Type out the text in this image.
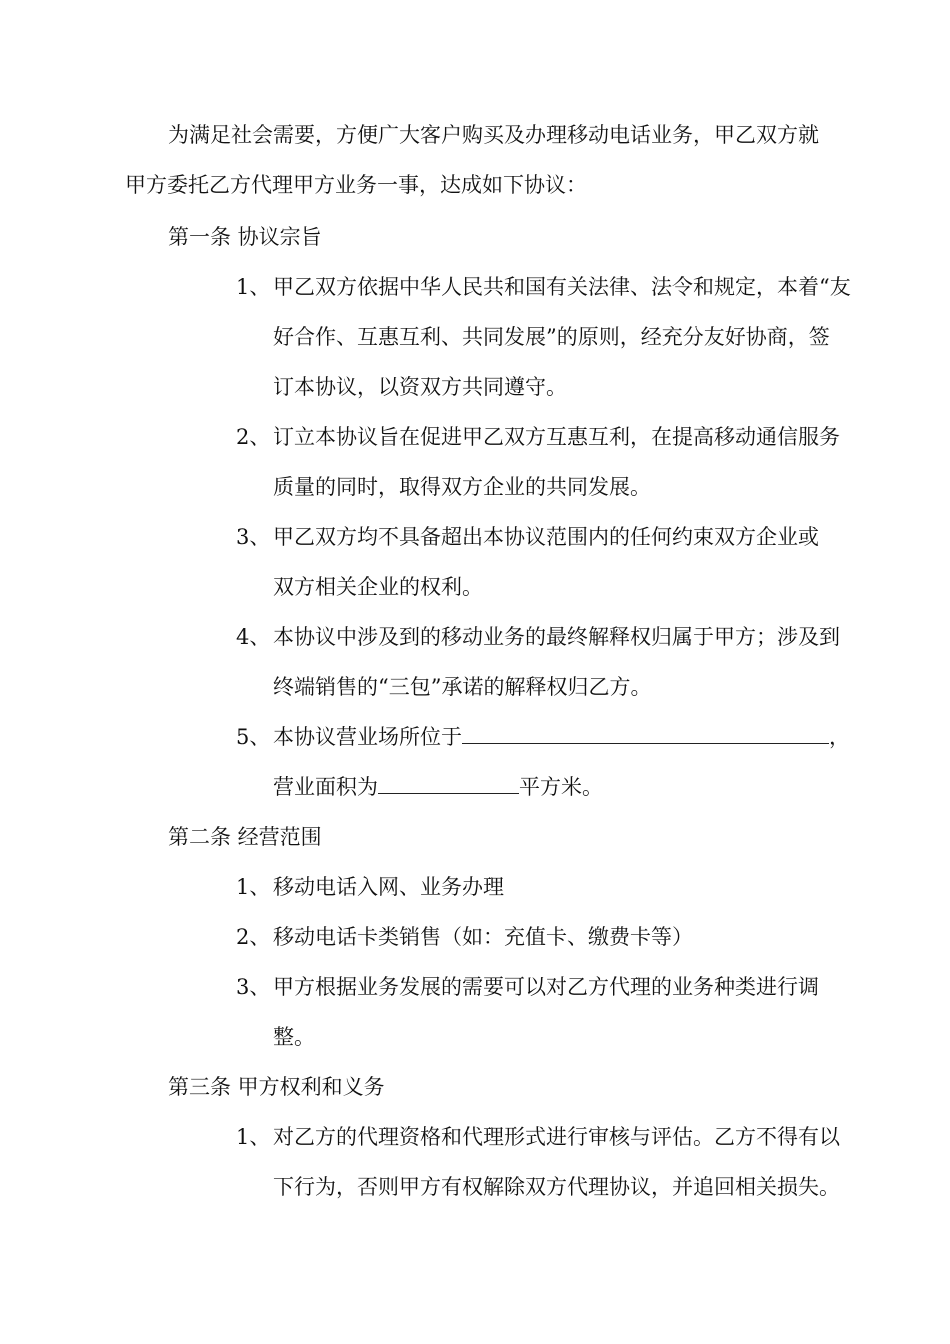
为满足社会需要，方便广大客户购买及办理移动电话业务，甲乙双方就
甲方委托乙方代理甲方业务一事，达成如下协议：
第一条 协议宗旨
1、 甲乙双方依据中华人民共和国有关法律、法令和规定，本着“友
好合作、互惠互利、共同发展”的原则，经充分友好协商，签
订本协议，以资双方共同遵守。
2、 订立本协议旨在促进甲乙双方互惠互利，在提高移动通信服务
质量的同时，取得双方企业的共同发展。
3、 甲乙双方均不具备超出本协议范围内的任何约束双方企业或
双方相关企业的权利。
4、 本协议中涉及到的移动业务的最终解释权归属于甲方；涉及到
终端销售的“三包”承诺的解释权归乙方。
5、 本协议营业场所位于	，
营业面积为	平方米。
第二条 经营范围
1、 移动电话入网、业务办理
2、 移动电话卡类销售（如：充值卡、缴费卡等）
3、 甲方根据业务发展的需要可以对乙方代理的业务种类进行调
整。
第三条 甲方权利和义务
1、 对乙方的代理资格和代理形式进行审核与评估。乙方不得有以
下行为，否则甲方有权解除双方代理协议，并追回相关损失。
